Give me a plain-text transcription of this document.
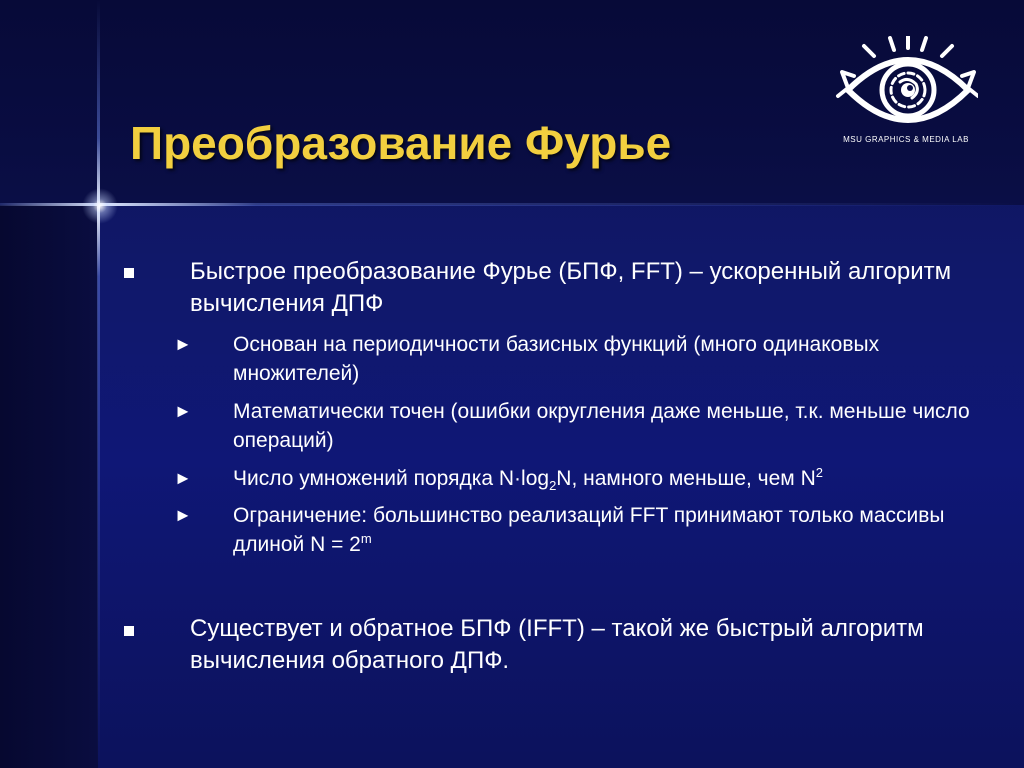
Преобразование Фурье	MSU GRAPHICS & MEDIA LAB

Быстрое преобразование Фурье (БПФ, FFT) – ускоренный алгоритм вычисления ДПФ

► Основан на периодичности базисных функций (много одинаковых множителей)

► Математически точен (ошибки округления даже меньше, т.к. меньше число операций)

► Число умножений порядка $N\cdot\log_2N$, намного меньше, чем $N^2$

► Ограничение: большинство реализаций FFT принимают только массивы длиной $N = 2^m$

Существует и обратное БПФ (IFFT) – такой же быстрый алгоритм вычисления обратного ДПФ.
